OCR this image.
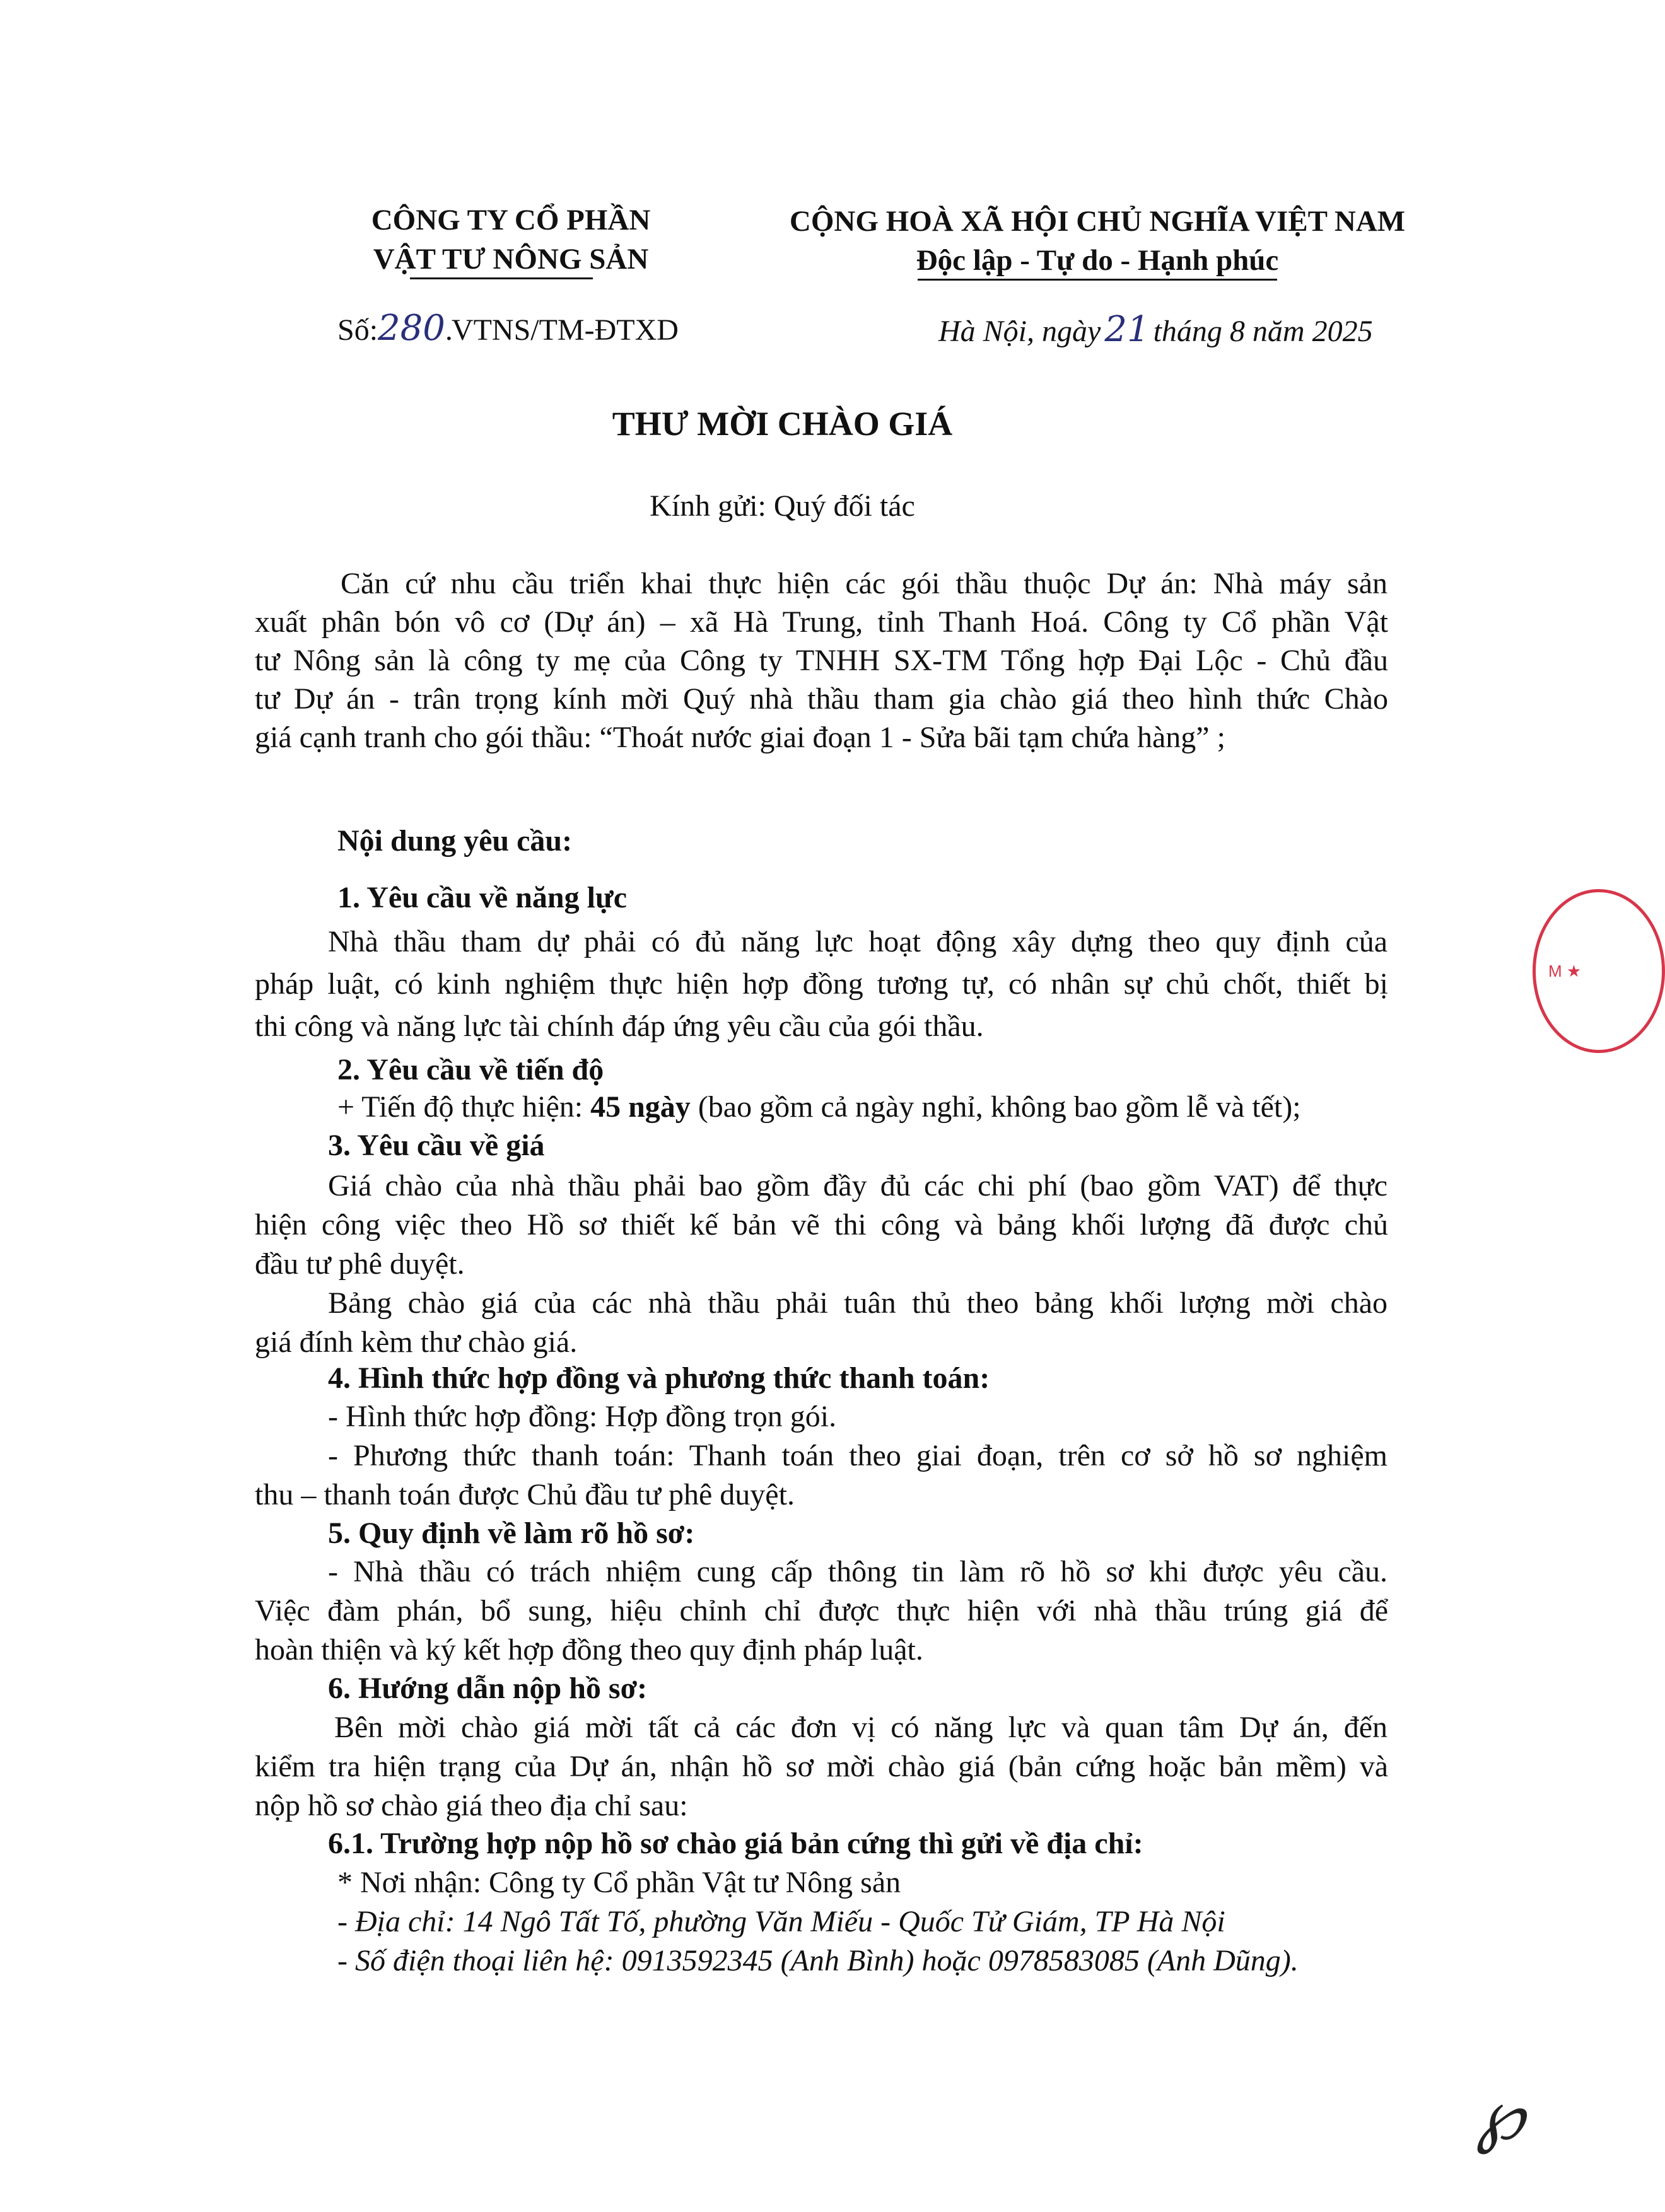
CÔNG TY CỔ PHẦN
VẬT TƯ NÔNG SẢN
CỘNG HOÀ XÃ HỘI CHỦ NGHĨA VIỆT NAM
Độc lập - Tự do - Hạnh phúc
Số:280.VTNS/TM-ĐTXD	Hà Nội, ngày 21 tháng 8 năm 2025
THƯ MỜI CHÀO GIÁ
Kính gửi: Quý đối tác
Căn cứ nhu cầu triển khai thực hiện các gói thầu thuộc Dự án: Nhà máy sản
xuất phân bón vô cơ (Dự án) – xã Hà Trung, tỉnh Thanh Hoá. Công ty Cổ phần Vật
tư Nông sản là công ty mẹ của Công ty TNHH SX-TM Tổng hợp Đại Lộc - Chủ đầu
tư Dự án - trân trọng kính mời Quý nhà thầu tham gia chào giá theo hình thức Chào
giá cạnh tranh cho gói thầu: “Thoát nước giai đoạn 1 - Sửa bãi tạm chứa hàng” ;
Nội dung yêu cầu:
1. Yêu cầu về năng lực
Nhà thầu tham dự phải có đủ năng lực hoạt động xây dựng theo quy định của
pháp luật, có kinh nghiệm thực hiện hợp đồng tương tự, có nhân sự chủ chốt, thiết bị
thi công và năng lực tài chính đáp ứng yêu cầu của gói thầu.
2. Yêu cầu về tiến độ
+ Tiến độ thực hiện: 45 ngày (bao gồm cả ngày nghỉ, không bao gồm lễ và tết);
3. Yêu cầu về giá
Giá chào của nhà thầu phải bao gồm đầy đủ các chi phí (bao gồm VAT) để thực
hiện công việc theo Hồ sơ thiết kế bản vẽ thi công và bảng khối lượng đã được chủ
đầu tư phê duyệt.
Bảng chào giá của các nhà thầu phải tuân thủ theo bảng khối lượng mời chào
giá đính kèm thư chào giá.
4. Hình thức hợp đồng và phương thức thanh toán:
- Hình thức hợp đồng: Hợp đồng trọn gói.
- Phương thức thanh toán: Thanh toán theo giai đoạn, trên cơ sở hồ sơ nghiệm
thu – thanh toán được Chủ đầu tư phê duyệt.
5. Quy định về làm rõ hồ sơ:
- Nhà thầu có trách nhiệm cung cấp thông tin làm rõ hồ sơ khi được yêu cầu.
Việc đàm phán, bổ sung, hiệu chỉnh chỉ được thực hiện với nhà thầu trúng giá để
hoàn thiện và ký kết hợp đồng theo quy định pháp luật.
6. Hướng dẫn nộp hồ sơ:
Bên mời chào giá mời tất cả các đơn vị có năng lực và quan tâm Dự án, đến
kiểm tra hiện trạng của Dự án, nhận hồ sơ mời chào giá (bản cứng hoặc bản mềm) và
nộp hồ sơ chào giá theo địa chỉ sau:
6.1. Trường hợp nộp hồ sơ chào giá bản cứng thì gửi về địa chỉ:
* Nơi nhận: Công ty Cổ phần Vật tư Nông sản
- Địa chỉ: 14 Ngô Tất Tố, phường Văn Miếu - Quốc Tử Giám, TP Hà Nội
- Số điện thoại liên hệ: 0913592345 (Anh Bình) hoặc 0978583085 (Anh Dũng).
M ★
℘
